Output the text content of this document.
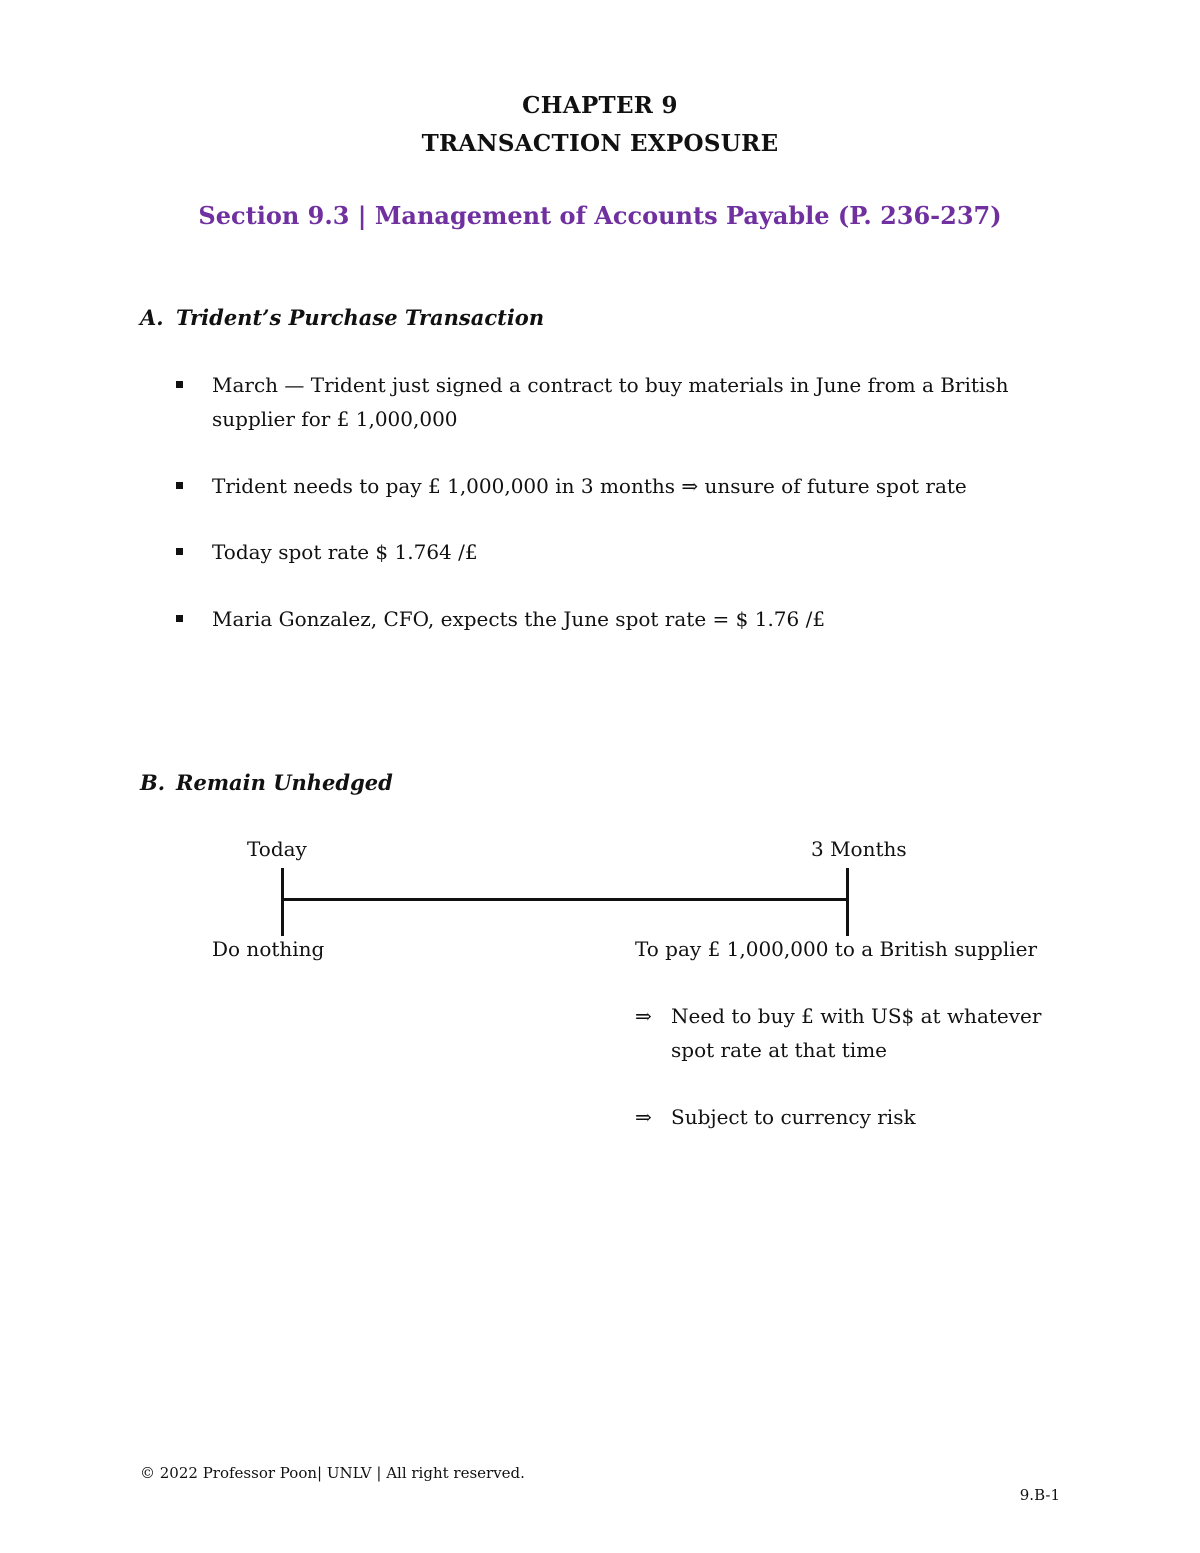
CHAPTER 9
TRANSACTION EXPOSURE
Section 9.3 | Management of Accounts Payable (P. 236-237)
A. Trident’s Purchase Transaction
March — Trident just signed a contract to buy materials in June from a British
supplier for £ 1,000,000
Trident needs to pay £ 1,000,000 in 3 months ⇒ unsure of future spot rate
Today spot rate $ 1.764 /£
Maria Gonzalez, CFO, expects the June spot rate = $ 1.76 /£
B. Remain Unhedged
Today	3 Months
Do nothing	To pay £ 1,000,000 to a British supplier
⇒ Need to buy £ with US$ at whatever
spot rate at that time
⇒ Subject to currency risk
© 2022 Professor Poon| UNLV | All right reserved.
9.B-1
